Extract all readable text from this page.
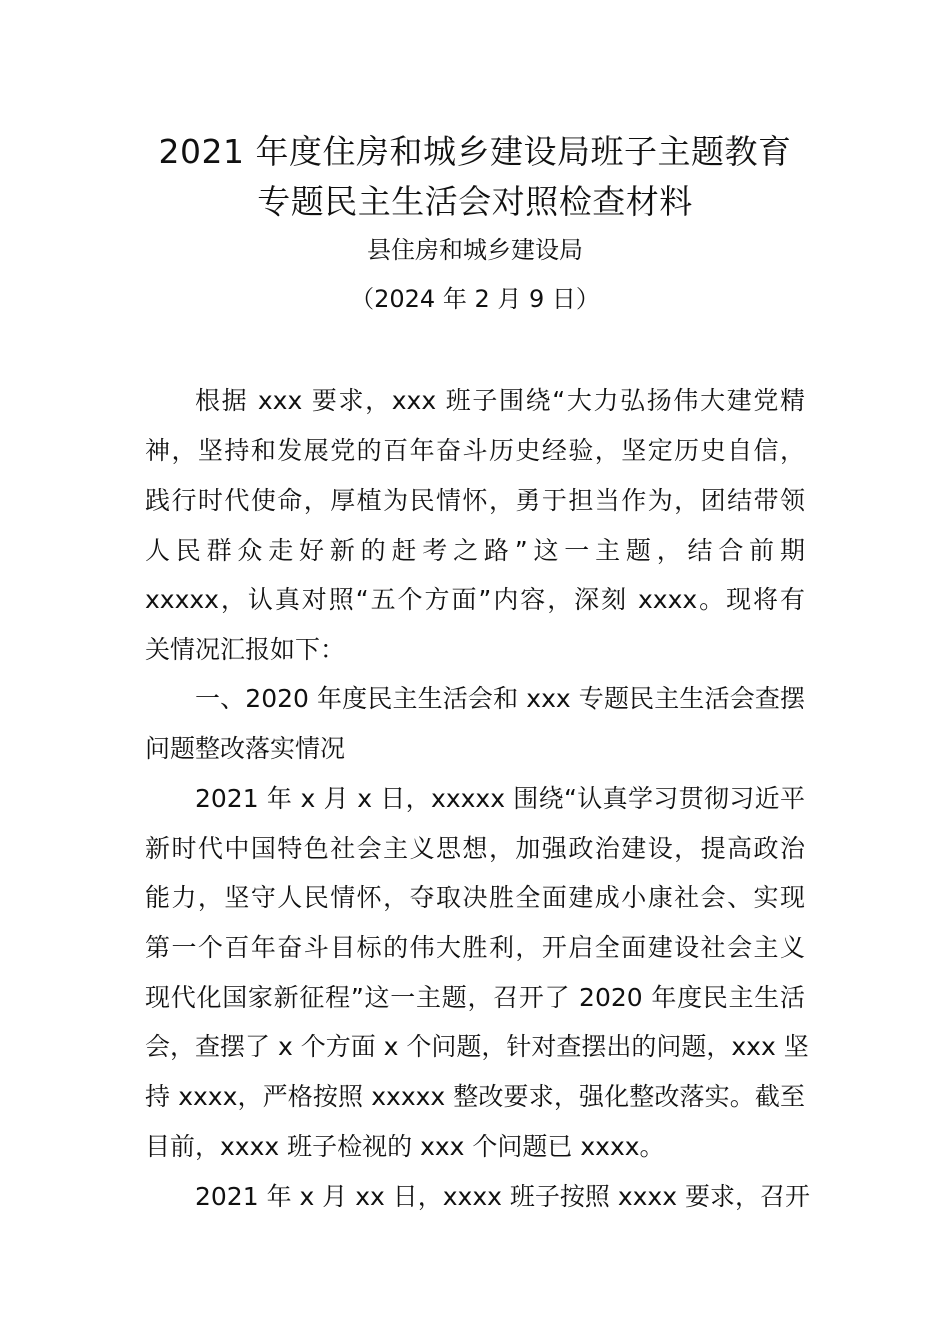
2021 年度住房和城乡建设局班子主题教育
专题民主生活会对照检查材料
县住房和城乡建设局
（2024 年 2 月 9 日）
根据 xxx 要求，xxx 班子围绕“大力弘扬伟大建党精
神，坚持和发展党的百年奋斗历史经验，坚定历史自信，
践行时代使命，厚植为民情怀，勇于担当作为，团结带领
人民群众走好新的赶考之路”这一主题，结合前期
xxxxx，认真对照“五个方面”内容，深刻 xxxx。现将有
关情况汇报如下：
一、2020 年度民主生活会和 xxx 专题民主生活会查摆
问题整改落实情况
2021 年 x 月 x 日，xxxxx 围绕“认真学习贯彻习近平
新时代中国特色社会主义思想，加强政治建设，提高政治
能力，坚守人民情怀，夺取决胜全面建成小康社会、实现
第一个百年奋斗目标的伟大胜利，开启全面建设社会主义
现代化国家新征程”这一主题，召开了 2020 年度民主生活
会，查摆了 x 个方面 x 个问题，针对查摆出的问题，xxx 坚
持 xxxx，严格按照 xxxxx 整改要求，强化整改落实。截至
目前，xxxx 班子检视的 xxx 个问题已 xxxx。
2021 年 x 月 xx 日，xxxx 班子按照 xxxx 要求，召开
